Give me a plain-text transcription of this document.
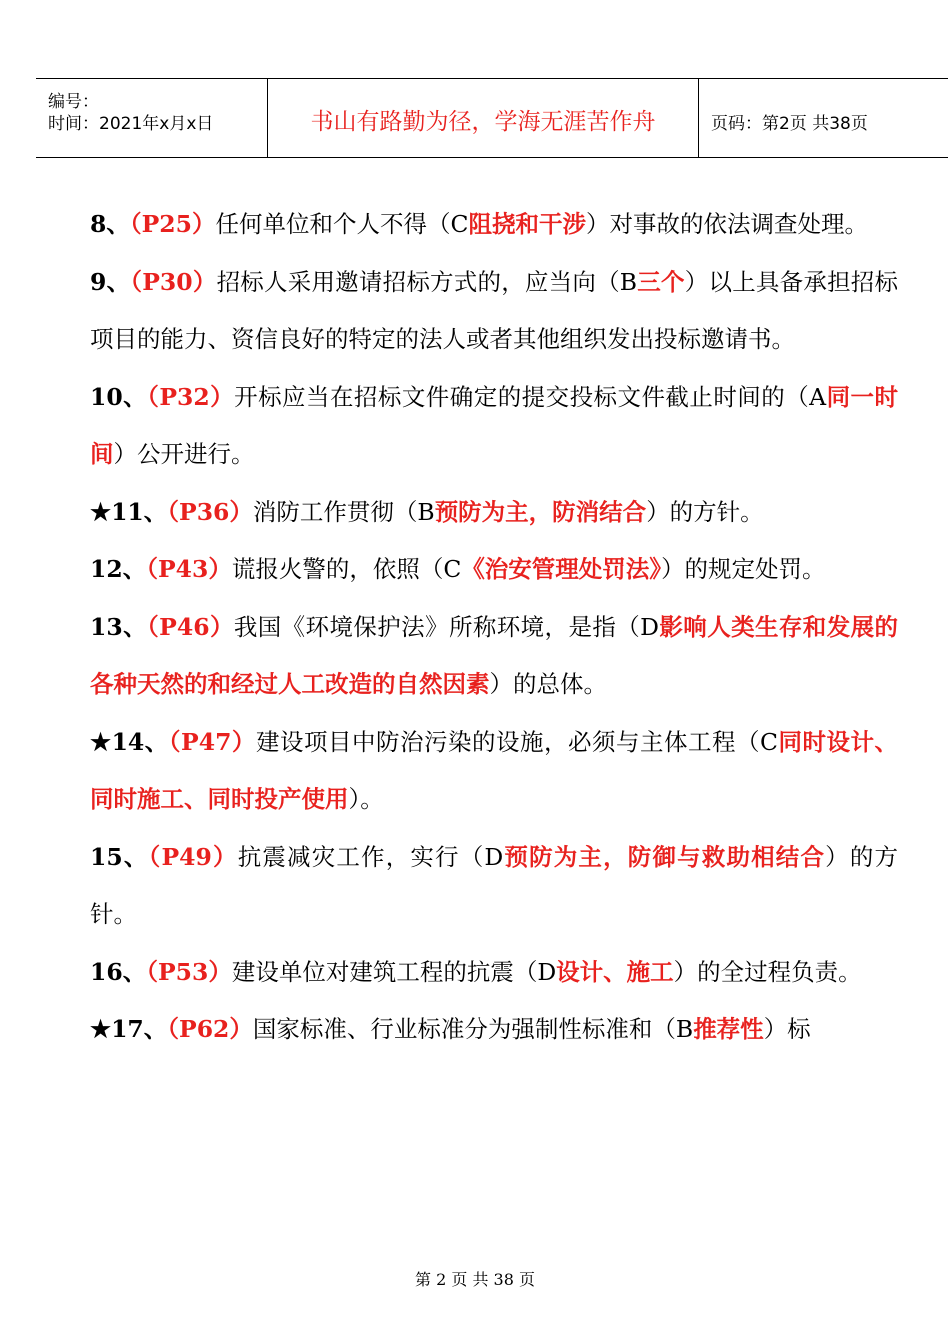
编号：
时间：2021年x月x日	书山有路勤为径，学海无涯苦作舟	页码：第2页 共38页
8、（P25）任何单位和个人不得（C阻挠和干涉）对事故的依法调查处理。
9、（P30）招标人采用邀请招标方式的，应当向（B三个）以上具备承担招标项目的能力、资信良好的特定的法人或者其他组织发出投标邀请书。
10、（P32）开标应当在招标文件确定的提交投标文件截止时间的（A同一时间）公开进行。
★11、（P36）消防工作贯彻（B预防为主，防消结合）的方针。
12、（P43）谎报火警的，依照（C《治安管理处罚法》）的规定处罚。
13、（P46）我国《环境保护法》所称环境，是指（D影响人类生存和发展的各种天然的和经过人工改造的自然因素）的总体。
★14、（P47）建设项目中防治污染的设施，必须与主体工程（C同时设计、同时施工、同时投产使用）。
15、（P49）抗震减灾工作，实行（D预防为主，防御与救助相结合）的方针。
16、（P53）建设单位对建筑工程的抗震（D设计、施工）的全过程负责。
★17、（P62）国家标准、行业标准分为强制性标准和（B推荐性）标
第 2 页 共 38 页
